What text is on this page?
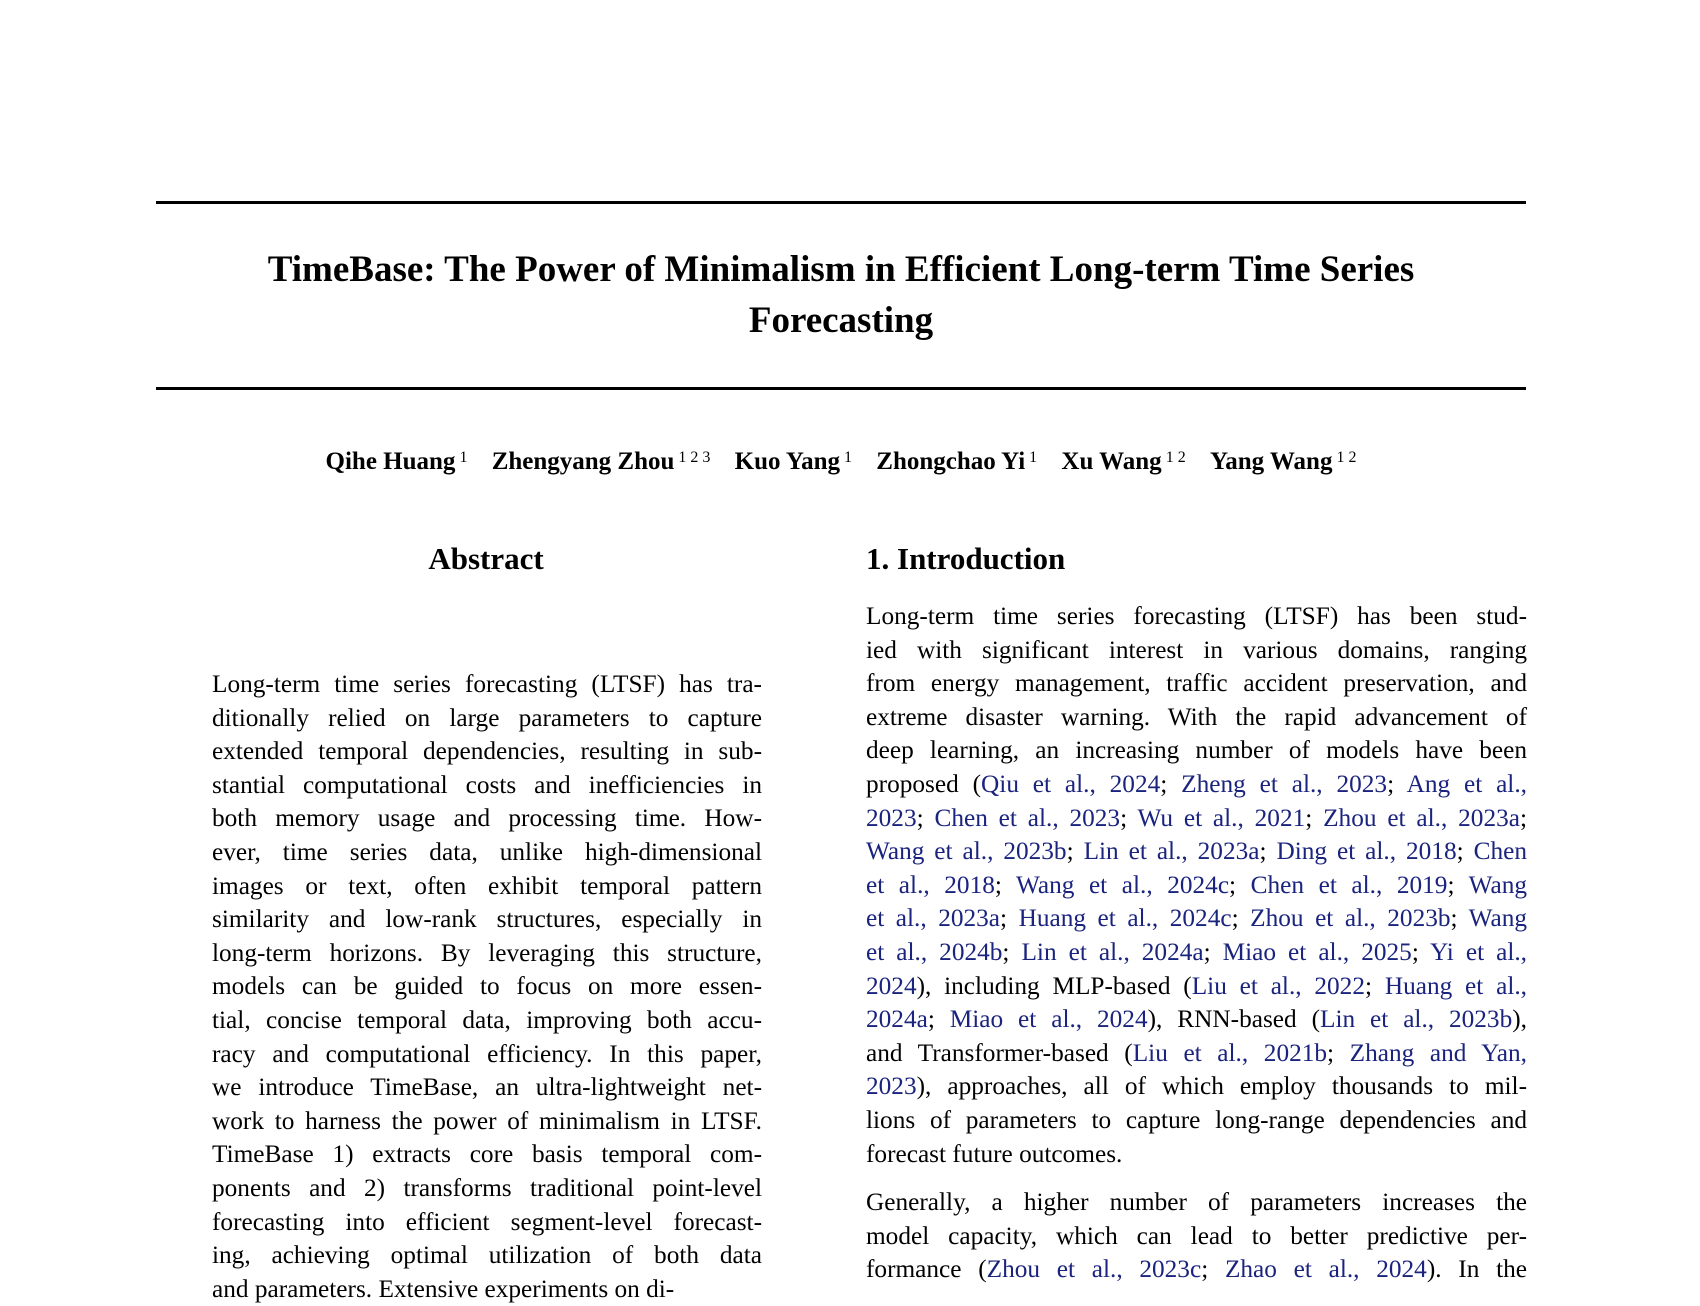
TimeBase: The Power of Minimalism in Efficient Long-term Time Series
Forecasting
Qihe Huang $^1$ Zhengyang Zhou $^{1 2 3}$ Kuo Yang $^1$ Zhongchao Yi $^1$ Xu Wang $^{1 2}$ Yang Wang $^{1 2}$
Abstract	1. Introduction
Long-term time series forecasting (LTSF) has tra-
ditionally relied on large parameters to capture
extended temporal dependencies, resulting in sub-
stantial computational costs and inefficiencies in
both memory usage and processing time. How-
ever, time series data, unlike high-dimensional
images or text, often exhibit temporal pattern
similarity and low-rank structures, especially in
long-term horizons. By leveraging this structure,
models can be guided to focus on more essen-
tial, concise temporal data, improving both accu-
racy and computational efficiency. In this paper,
we introduce TimeBase, an ultra-lightweight net-
work to harness the power of minimalism in LTSF.
TimeBase 1) extracts core basis temporal com-
ponents and 2) transforms traditional point-level
forecasting into efficient segment-level forecast-
ing, achieving optimal utilization of both data
and parameters. Extensive experiments on di-
Long-term time series forecasting (LTSF) has been stud-
ied with significant interest in various domains, ranging
from energy management, traffic accident preservation, and
extreme disaster warning. With the rapid advancement of
deep learning, an increasing number of models have been
proposed (Qiu et al., 2024; Zheng et al., 2023; Ang et al.,
2023; Chen et al., 2023; Wu et al., 2021; Zhou et al., 2023a;
Wang et al., 2023b; Lin et al., 2023a; Ding et al., 2018; Chen
et al., 2018; Wang et al., 2024c; Chen et al., 2019; Wang
et al., 2023a; Huang et al., 2024c; Zhou et al., 2023b; Wang
et al., 2024b; Lin et al., 2024a; Miao et al., 2025; Yi et al.,
2024), including MLP-based (Liu et al., 2022; Huang et al.,
2024a; Miao et al., 2024), RNN-based (Lin et al., 2023b),
and Transformer-based (Liu et al., 2021b; Zhang and Yan,
2023), approaches, all of which employ thousands to mil-
lions of parameters to capture long-range dependencies and
forecast future outcomes.
Generally, a higher number of parameters increases the
model capacity, which can lead to better predictive per-
formance (Zhou et al., 2023c; Zhao et al., 2024). In the
